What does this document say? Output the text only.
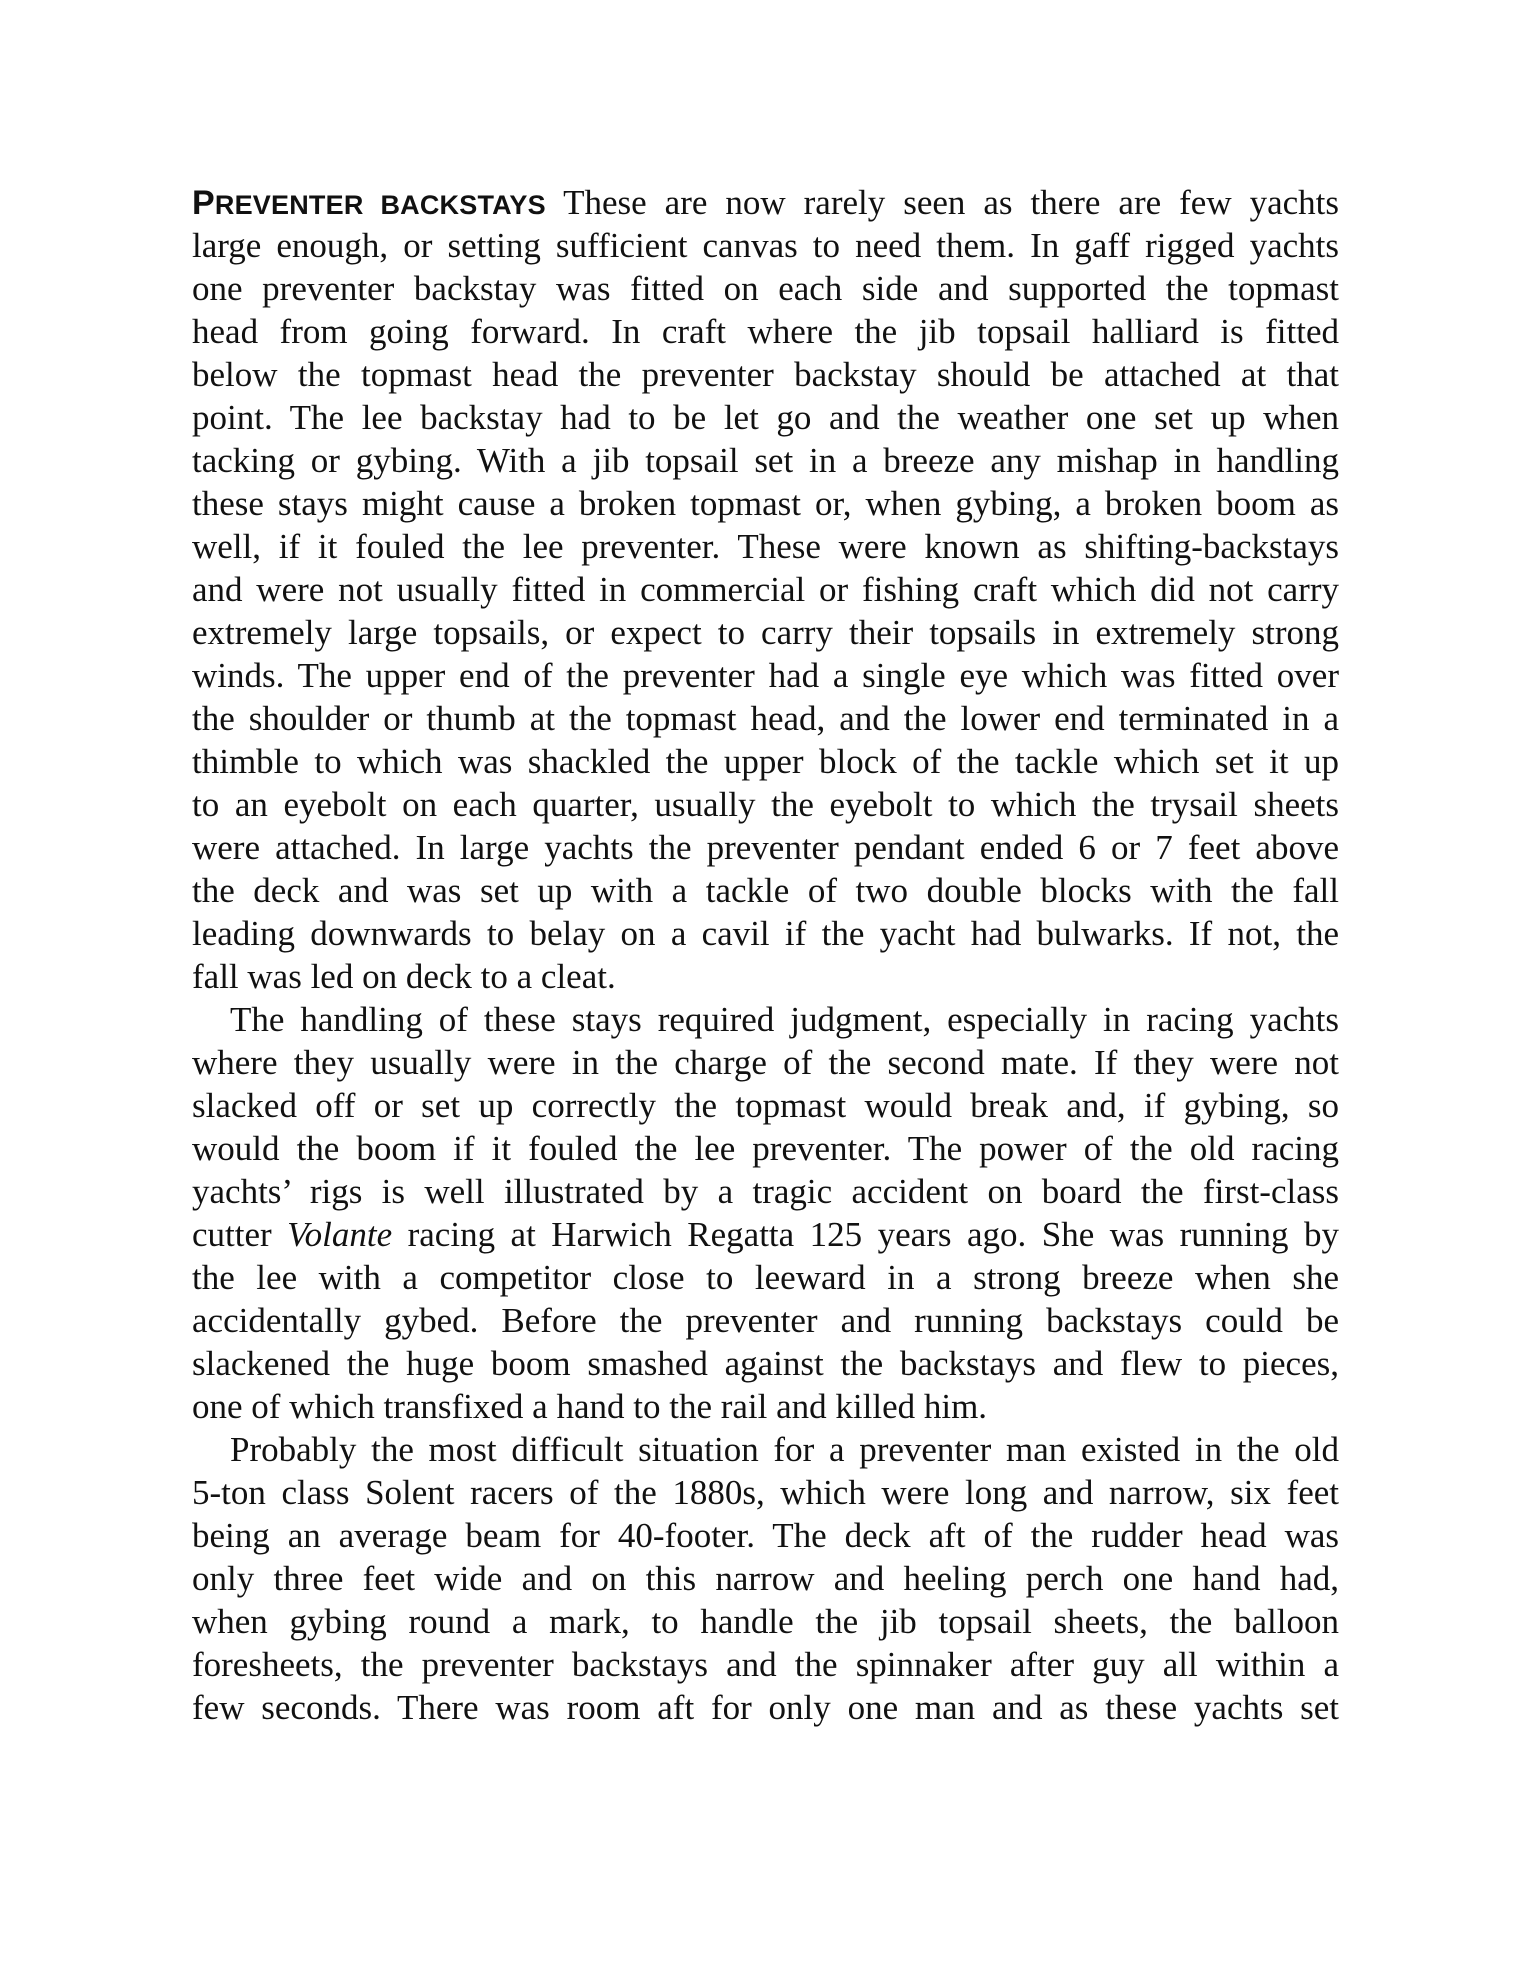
PREVENTER BACKSTAYS These are now rarely seen as there are few yachts
large enough, or setting sufficient canvas to need them. In gaff rigged yachts
one preventer backstay was fitted on each side and supported the topmast
head from going forward. In craft where the jib topsail halliard is fitted
below the topmast head the preventer backstay should be attached at that
point. The lee backstay had to be let go and the weather one set up when
tacking or gybing. With a jib topsail set in a breeze any mishap in handling
these stays might cause a broken topmast or, when gybing, a broken boom as
well, if it fouled the lee preventer. These were known as shifting-backstays
and were not usually fitted in commercial or fishing craft which did not carry
extremely large topsails, or expect to carry their topsails in extremely strong
winds. The upper end of the preventer had a single eye which was fitted over
the shoulder or thumb at the topmast head, and the lower end terminated in a
thimble to which was shackled the upper block of the tackle which set it up
to an eyebolt on each quarter, usually the eyebolt to which the trysail sheets
were attached. In large yachts the preventer pendant ended 6 or 7 feet above
the deck and was set up with a tackle of two double blocks with the fall
leading downwards to belay on a cavil if the yacht had bulwarks. If not, the
fall was led on deck to a cleat.
The handling of these stays required judgment, especially in racing yachts
where they usually were in the charge of the second mate. If they were not
slacked off or set up correctly the topmast would break and, if gybing, so
would the boom if it fouled the lee preventer. The power of the old racing
yachts’ rigs is well illustrated by a tragic accident on board the first-class
cutter Volante racing at Harwich Regatta 125 years ago. She was running by
the lee with a competitor close to leeward in a strong breeze when she
accidentally gybed. Before the preventer and running backstays could be
slackened the huge boom smashed against the backstays and flew to pieces,
one of which transfixed a hand to the rail and killed him.
Probably the most difficult situation for a preventer man existed in the old
5-ton class Solent racers of the 1880s, which were long and narrow, six feet
being an average beam for 40-footer. The deck aft of the rudder head was
only three feet wide and on this narrow and heeling perch one hand had,
when gybing round a mark, to handle the jib topsail sheets, the balloon
foresheets, the preventer backstays and the spinnaker after guy all within a
few seconds. There was room aft for only one man and as these yachts set
